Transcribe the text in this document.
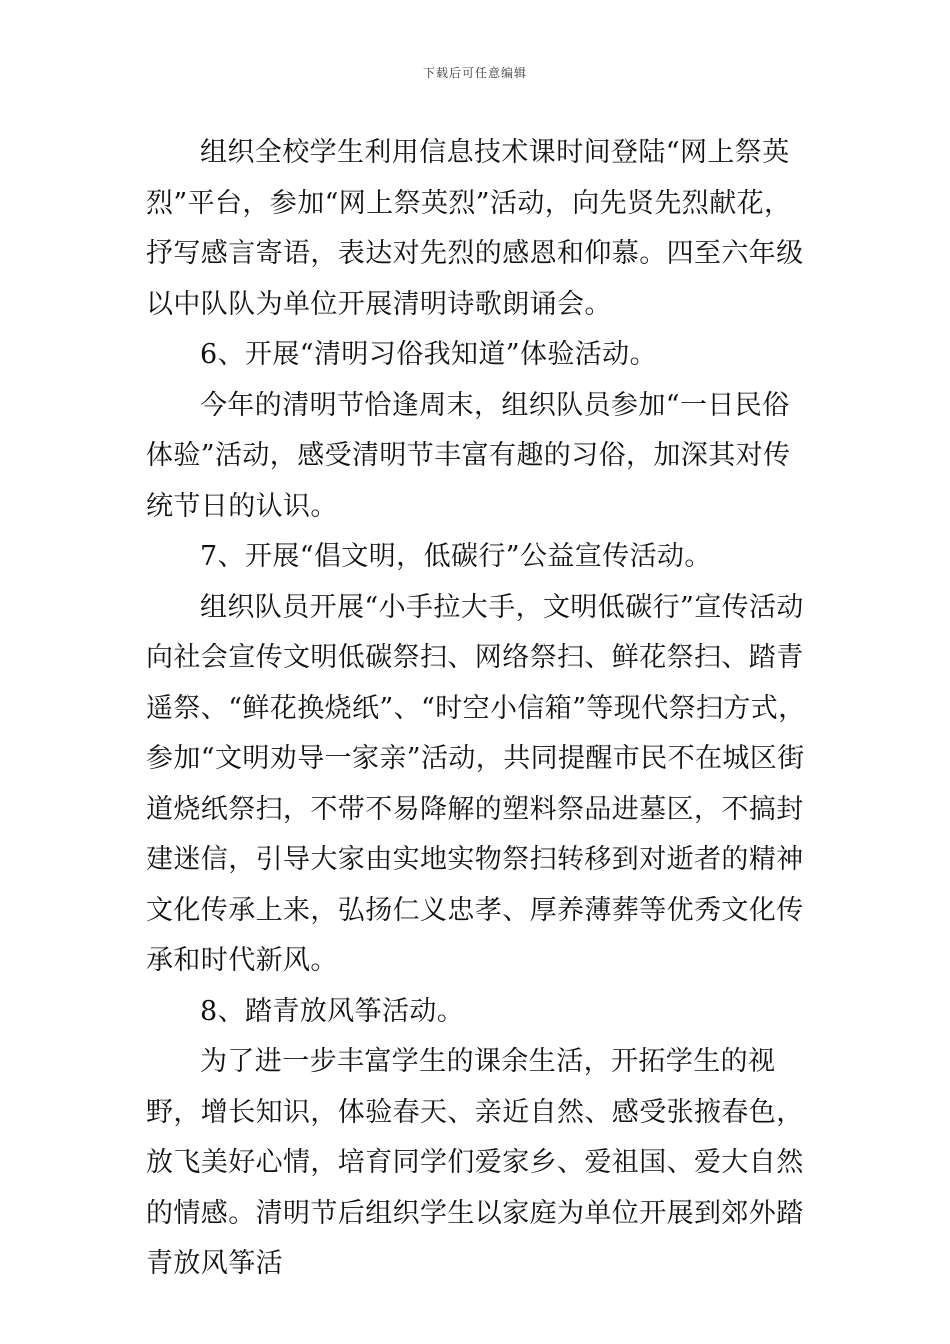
下载后可任意编辑

组织全校学生利用信息技术课时间登陆“网上祭英烈”平台，参加“网上祭英烈”活动，向先贤先烈献花，抒写感言寄语，表达对先烈的感恩和仰慕。四至六年级以中队队为单位开展清明诗歌朗诵会。

6、开展“清明习俗我知道”体验活动。

今年的清明节恰逢周末，组织队员参加“一日民俗体验”活动，感受清明节丰富有趣的习俗，加深其对传统节日的认识。

7、开展“倡文明，低碳行”公益宣传活动。

组织队员开展“小手拉大手，文明低碳行”宣传活动向社会宣传文明低碳祭扫、网络祭扫、鲜花祭扫、踏青遥祭、“鲜花换烧纸”、“时空小信箱”等现代祭扫方式，参加“文明劝导一家亲”活动，共同提醒市民不在城区街道烧纸祭扫，不带不易降解的塑料祭品进墓区，不搞封建迷信，引导大家由实地实物祭扫转移到对逝者的精神文化传承上来，弘扬仁义忠孝、厚养薄葬等优秀文化传承和时代新风。

8、踏青放风筝活动。

为了进一步丰富学生的课余生活，开拓学生的视野，增长知识，体验春天、亲近自然、感受张掖春色，放飞美好心情，培育同学们爱家乡、爱祖国、爱大自然的情感。清明节后组织学生以家庭为单位开展到郊外踏青放风筝活
